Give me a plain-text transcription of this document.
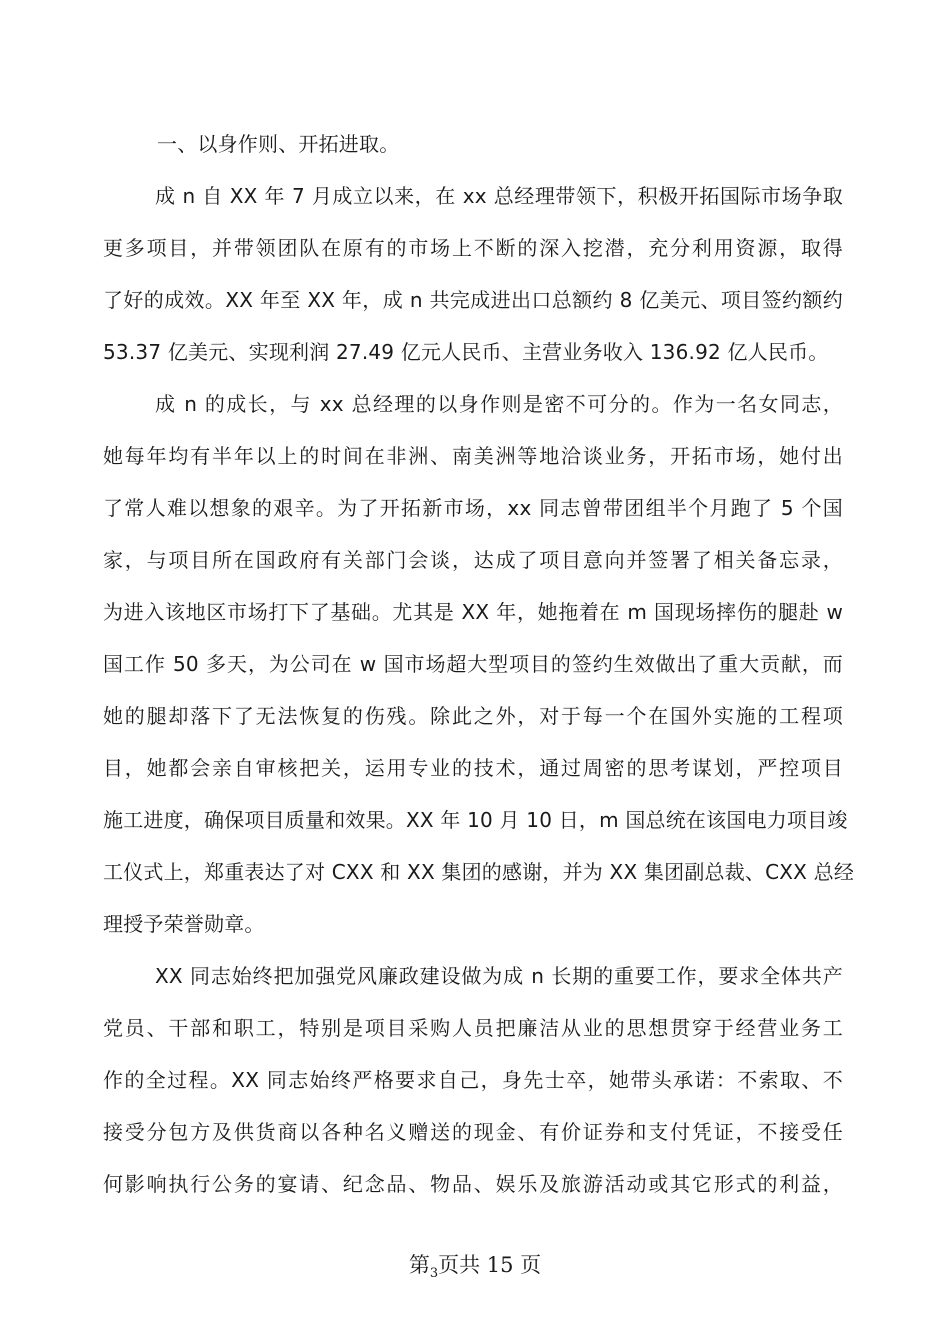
一、以身作则、开拓进取。

成 n 自 XX 年 7 月成立以来，在 xx 总经理带领下，积极开拓国际市场争取
更多项目，并带领团队在原有的市场上不断的深入挖潜，充分利用资源，取得
了好的成效。XX 年至 XX 年，成 n 共完成进出口总额约 8 亿美元、项目签约额约
53.37 亿美元、实现利润 27.49 亿元人民币、主营业务收入 136.92 亿人民币。

成 n 的成长，与 xx 总经理的以身作则是密不可分的。作为一名女同志，
她每年均有半年以上的时间在非洲、南美洲等地洽谈业务，开拓市场，她付出
了常人难以想象的艰辛。为了开拓新市场，xx 同志曾带团组半个月跑了 5 个国
家，与项目所在国政府有关部门会谈，达成了项目意向并签署了相关备忘录，
为进入该地区市场打下了基础。尤其是 XX 年，她拖着在 m 国现场摔伤的腿赴 w
国工作 50 多天，为公司在 w 国市场超大型项目的签约生效做出了重大贡献，而
她的腿却落下了无法恢复的伤残。除此之外，对于每一个在国外实施的工程项
目，她都会亲自审核把关，运用专业的技术，通过周密的思考谋划，严控项目
施工进度，确保项目质量和效果。XX 年 10 月 10 日，m 国总统在该国电力项目竣
工仪式上，郑重表达了对 CXX 和 XX 集团的感谢，并为 XX 集团副总裁、CXX 总经
理授予荣誉勋章。

XX 同志始终把加强党风廉政建设做为成 n 长期的重要工作，要求全体共产
党员、干部和职工，特别是项目采购人员把廉洁从业的思想贯穿于经营业务工
作的全过程。XX 同志始终严格要求自己，身先士卒，她带头承诺：不索取、不
接受分包方及供货商以各种名义赠送的现金、有价证券和支付凭证，不接受任
何影响执行公务的宴请、纪念品、物品、娱乐及旅游活动或其它形式的利益，

第$_3$页共 15 页
